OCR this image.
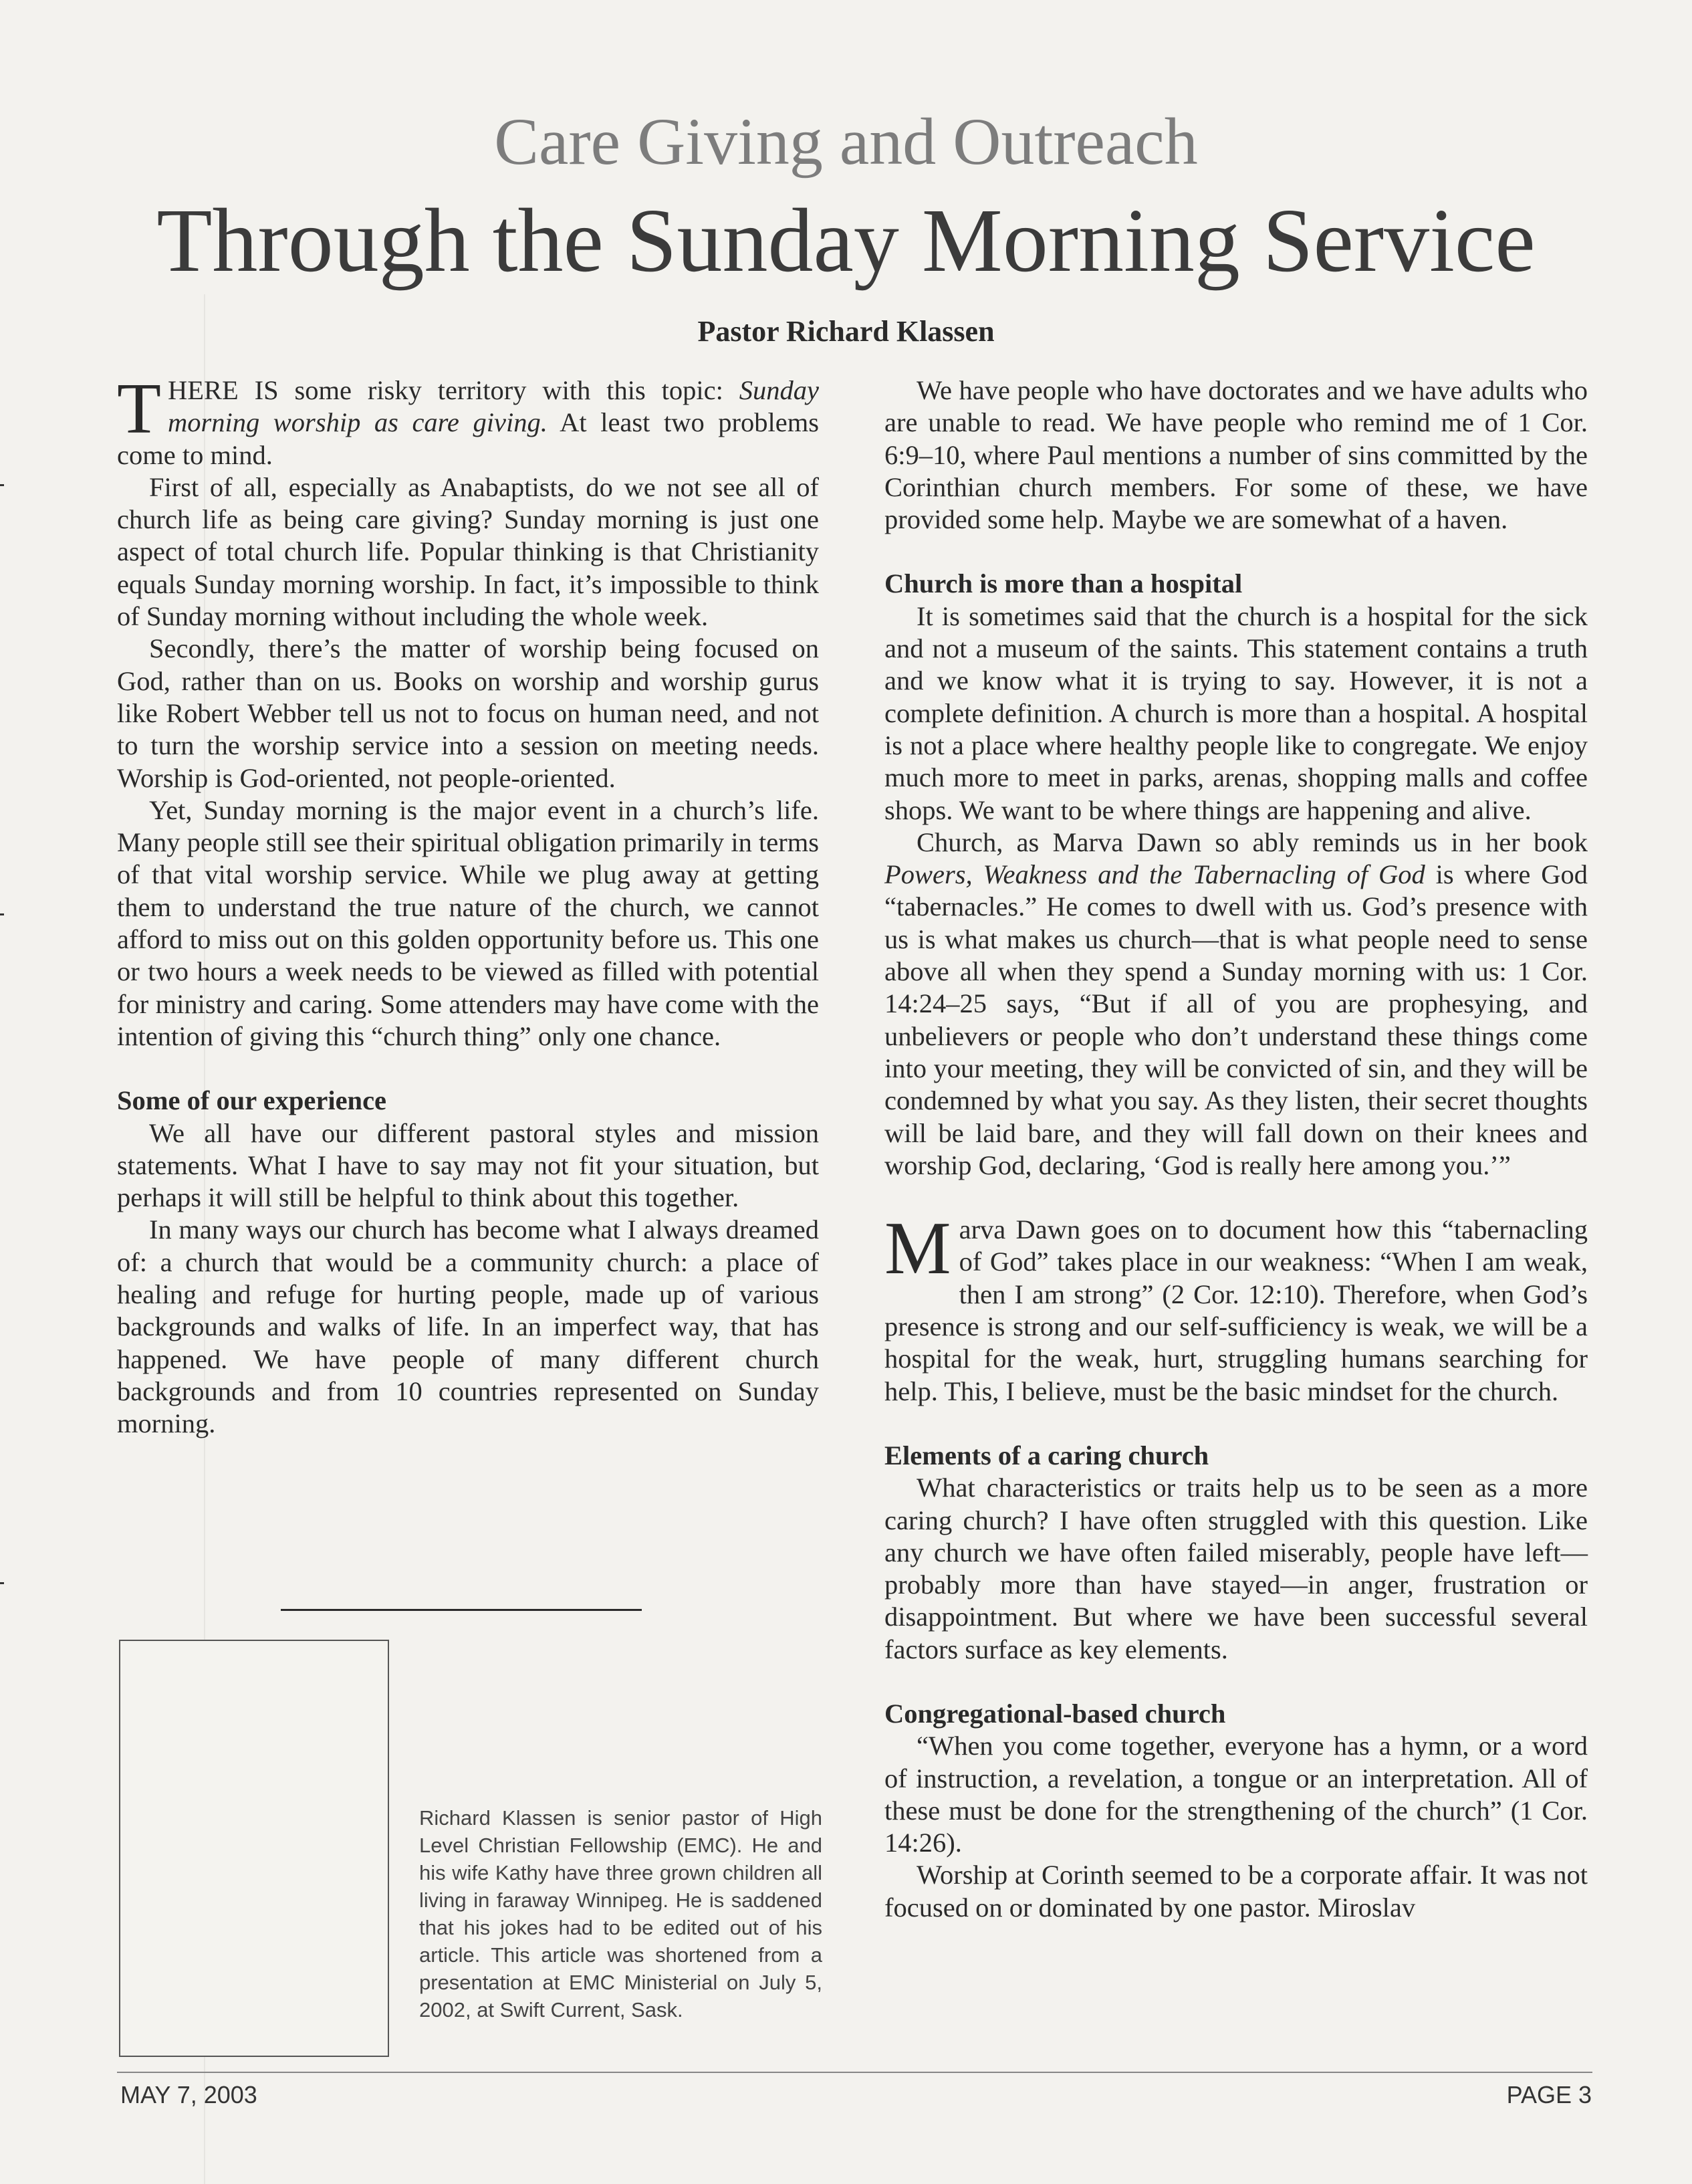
Care Giving and Outreach
Through the Sunday Morning Service
Pastor Richard Klassen

THERE IS some risky territory with this topic: Sunday morning worship as care giving. At least two problems come to mind.

First of all, especially as Anabaptists, do we not see all of church life as being care giving? Sunday morning is just one aspect of total church life. Popular thinking is that Christianity equals Sunday morning worship. In fact, it’s impossible to think of Sunday morning without including the whole week.

Secondly, there’s the matter of worship being focused on God, rather than on us. Books on worship and worship gurus like Robert Webber tell us not to focus on human need, and not to turn the worship service into a session on meeting needs. Worship is God-oriented, not people-oriented.

Yet, Sunday morning is the major event in a church’s life. Many people still see their spiritual obligation primarily in terms of that vital worship service. While we plug away at getting them to understand the true nature of the church, we cannot afford to miss out on this golden opportunity before us. This one or two hours a week needs to be viewed as filled with potential for ministry and caring. Some attenders may have come with the intention of giving this “church thing” only one chance.

Some of our experience

We all have our different pastoral styles and mission statements. What I have to say may not fit your situation, but perhaps it will still be helpful to think about this together.

In many ways our church has become what I always dreamed of: a church that would be a community church: a place of healing and refuge for hurting people, made up of various backgrounds and walks of life. In an imperfect way, that has happened. We have people of many different church backgrounds and from 10 countries represented on Sunday morning.

We have people who have doctorates and we have adults who are unable to read. We have people who remind me of 1 Cor. 6:9–10, where Paul mentions a number of sins committed by the Corinthian church members. For some of these, we have provided some help. Maybe we are somewhat of a haven.

Church is more than a hospital

It is sometimes said that the church is a hospital for the sick and not a museum of the saints. This statement contains a truth and we know what it is trying to say. However, it is not a complete definition. A church is more than a hospital. A hospital is not a place where healthy people like to congregate. We enjoy much more to meet in parks, arenas, shopping malls and coffee shops. We want to be where things are happening and alive.

Church, as Marva Dawn so ably reminds us in her book Powers, Weakness and the Tabernacling of God is where God “tabernacles.” He comes to dwell with us. God’s presence with us is what makes us church—that is what people need to sense above all when they spend a Sunday morning with us: 1 Cor. 14:24–25 says, “But if all of you are prophesying, and unbelievers or people who don’t understand these things come into your meeting, they will be convicted of sin, and they will be condemned by what you say. As they listen, their secret thoughts will be laid bare, and they will fall down on their knees and worship God, declaring, ‘God is really here among you.’”

Marva Dawn goes on to document how this “tabernacling of God” takes place in our weakness: “When I am weak, then I am strong” (2 Cor. 12:10). Therefore, when God’s presence is strong and our self-sufficiency is weak, we will be a hospital for the weak, hurt, struggling humans searching for help. This, I believe, must be the basic mindset for the church.

Elements of a caring church

What characteristics or traits help us to be seen as a more caring church? I have often struggled with this question. Like any church we have often failed miserably, people have left—probably more than have stayed—in anger, frustration or disappointment. But where we have been successful several factors surface as key elements.

Congregational-based church

“When you come together, everyone has a hymn, or a word of instruction, a revelation, a tongue or an interpretation. All of these must be done for the strengthening of the church” (1 Cor. 14:26).

Worship at Corinth seemed to be a corporate affair. It was not focused on or dominated by one pastor. Miroslav

Richard Klassen is senior pastor of High Level Christian Fellowship (EMC). He and his wife Kathy have three grown children all living in faraway Winnipeg. He is saddened that his jokes had to be edited out of his article. This article was shortened from a presentation at EMC Ministerial on July 5, 2002, at Swift Current, Sask.
MAY 7, 2003	PAGE 3
